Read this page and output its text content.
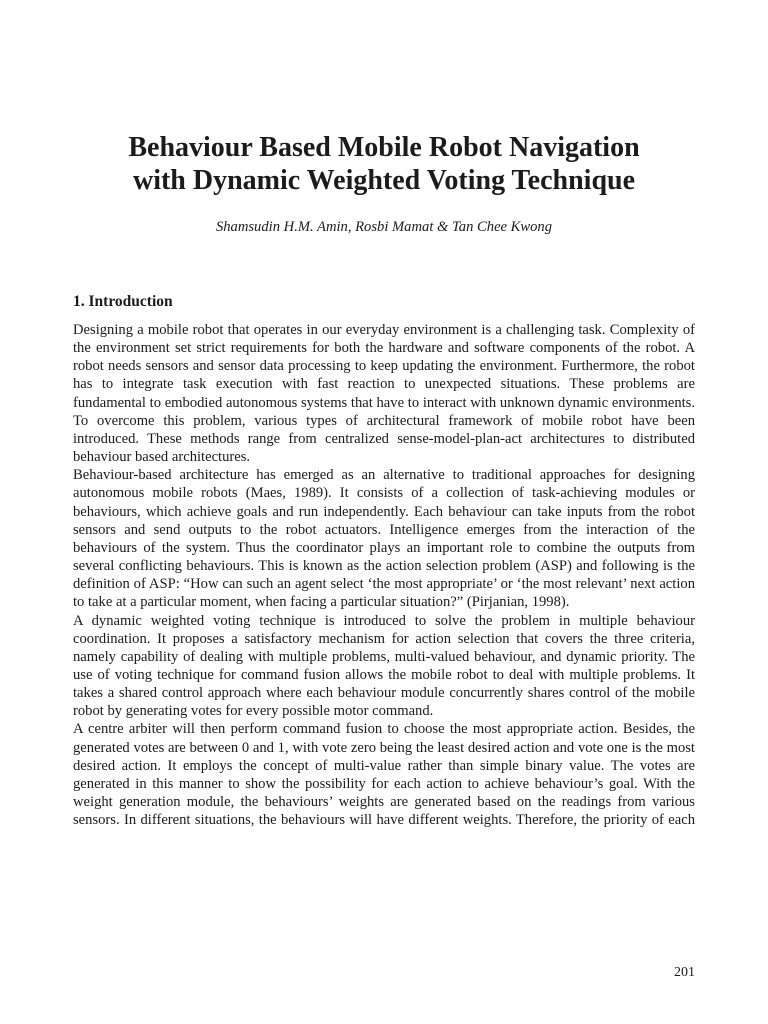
Behaviour Based Mobile Robot Navigation
with Dynamic Weighted Voting Technique
Shamsudin H.M. Amin, Rosbi Mamat & Tan Chee Kwong
1. Introduction

Designing a mobile robot that operates in our everyday environment is a challenging task. Complexity of the environment set strict requirements for both the hardware and software components of the robot. A robot needs sensors and sensor data processing to keep updating the environment. Furthermore, the robot has to integrate task execution with fast reaction to unexpected situations. These problems are fundamental to embodied autonomous systems that have to interact with unknown dynamic environments. To overcome this problem, various types of architectural framework of mobile robot have been introduced. These methods range from centralized sense-model-plan-act architectures to distributed behaviour based architectures.

Behaviour-based architecture has emerged as an alternative to traditional approaches for designing autonomous mobile robots (Maes, 1989). It consists of a collection of task-achieving modules or behaviours, which achieve goals and run independently. Each behaviour can take inputs from the robot sensors and send outputs to the robot actuators. Intelligence emerges from the interaction of the behaviours of the system. Thus the coordinator plays an important role to combine the outputs from several conflicting behaviours. This is known as the action selection problem (ASP) and following is the definition of ASP: “How can such an agent select ‘the most appropriate’ or ‘the most relevant’ next action to take at a particular moment, when facing a particular situation?” (Pirjanian, 1998).

A dynamic weighted voting technique is introduced to solve the problem in multiple behaviour coordination. It proposes a satisfactory mechanism for action selection that covers the three criteria, namely capability of dealing with multiple problems, multi-valued behaviour, and dynamic priority. The use of voting technique for command fusion allows the mobile robot to deal with multiple problems. It takes a shared control approach where each behaviour module concurrently shares control of the mobile robot by generating votes for every possible motor command.

A centre arbiter will then perform command fusion to choose the most appropriate action. Besides, the generated votes are between 0 and 1, with vote zero being the least desired action and vote one is the most desired action. It employs the concept of multi-value rather than simple binary value. The votes are generated in this manner to show the possibility for each action to achieve behaviour’s goal. With the weight generation module, the behaviours’ weights are generated based on the readings from various sensors. In different situations, the behaviours will have different weights. Therefore, the priority of each

201
